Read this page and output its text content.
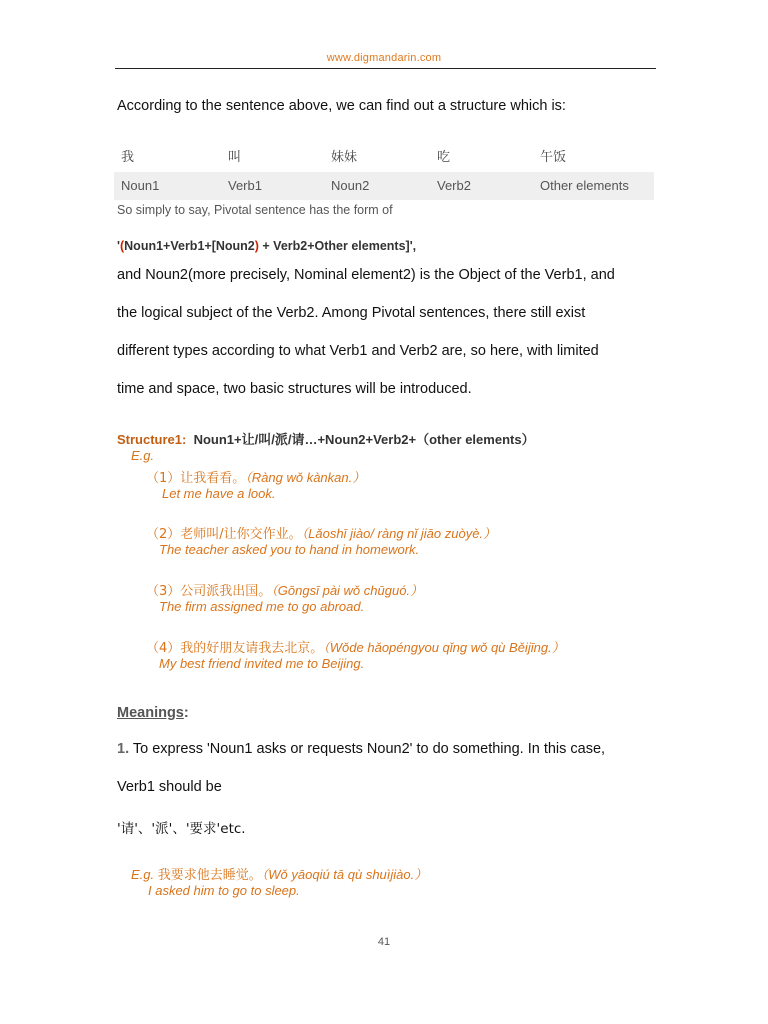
www.digmandarin.com
According to the sentence above, we can find out a structure which is:
我	叫	妹妹	吃	午饭
Noun1	Verb1	Noun2	Verb2	Other elements
So simply to say, Pivotal sentence has the form of
'(Noun1+Verb1+[Noun2) + Verb2+Other elements]',
and Noun2(more precisely, Nominal element2) is the Object of the Verb1, and
the logical subject of the Verb2. Among Pivotal sentences, there still exist
different types according to what Verb1 and Verb2 are, so here, with limited
time and space, two basic structures will be introduced.
Structure1: Noun1+让/叫/派/请…+Noun2+Verb2+（other elements）
E.g.
（1）让我看看。（Ràng wǒ kànkan.）
Let me have a look.
（2）老师叫/让你交作业。（Lǎoshī jiào/ ràng nǐ jiāo zuòyè.）
The teacher asked you to hand in homework.
（3）公司派我出国。（Gōngsī pài wǒ chūguó.）
The firm assigned me to go abroad.
（4）我的好朋友请我去北京。（Wǒde hǎopéngyou qǐng wǒ qù Běijīng.）
My best friend invited me to Beijing.
Meanings:
1. To express 'Noun1 asks or requests Noun2' to do something. In this case,
Verb1 should be
'请'、'派'、'要求'etc.
E.g. 我要求他去睡觉。（Wǒ yāoqiú tā qù shuìjiào.）
I asked him to go to sleep.
41
